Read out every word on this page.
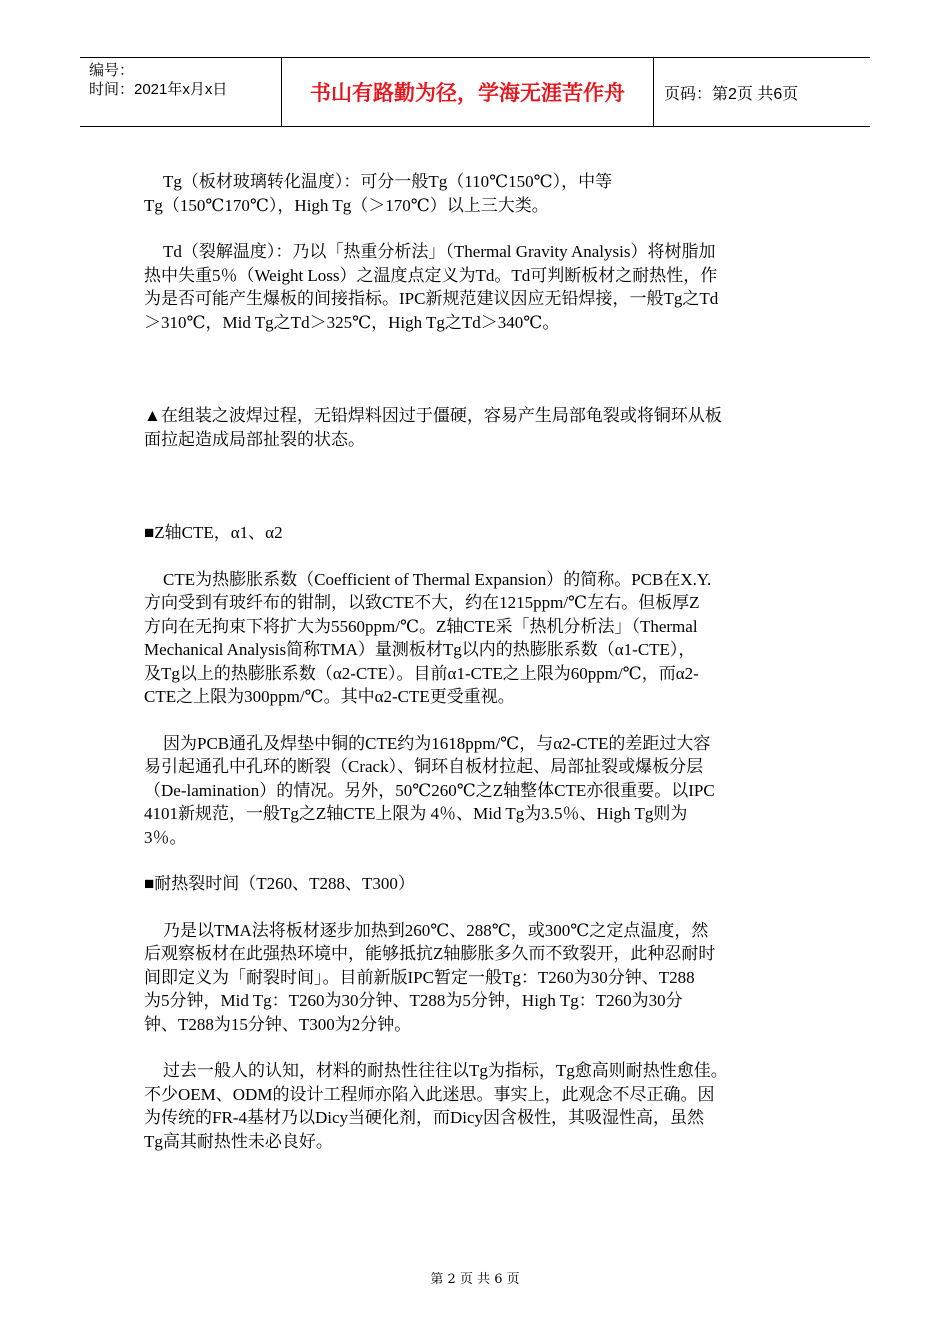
编号：
时间：2021年x月x日	书山有路勤为径，学海无涯苦作舟	页码：第2页 共6页

Tg（板材玻璃转化温度）：可分一般Tg（110℃150℃），中等

Tg（150℃170℃），High Tg（＞170℃）以上三大类。

Td（裂解温度）：乃以「热重分析法」（Thermal Gravity Analysis）将树脂加

热中失重5％（Weight Loss）之温度点定义为Td。Td可判断板材之耐热性，作

为是否可能产生爆板的间接指标。IPC新规范建议因应无铅焊接，一般Tg之Td

＞310℃，Mid Tg之Td＞325℃，High Tg之Td＞340℃。

▲在组装之波焊过程，无铅焊料因过于僵硬，容易产生局部龟裂或将铜环从板

面拉起造成局部扯裂的状态。

■Z轴CTE，α1、α2

CTE为热膨胀系数（Coefficient of Thermal Expansion）的简称。PCB在X.Y.

方向受到有玻纤布的钳制，以致CTE不大，约在1215ppm/℃左右。但板厚Z

方向在无拘束下将扩大为5560ppm/℃。Z轴CTE采「热机分析法」（Thermal

Mechanical Analysis简称TMA）量测板材Tg以内的热膨胀系数（α1-CTE），

及Tg以上的热膨胀系数（α2-CTE）。目前α1-CTE之上限为60ppm/℃，而α2-

CTE之上限为300ppm/℃。其中α2-CTE更受重视。

因为PCB通孔及焊垫中铜的CTE约为1618ppm/℃，与α2-CTE的差距过大容

易引起通孔中孔环的断裂（Crack）、铜环自板材拉起、局部扯裂或爆板分层

（De-lamination）的情况。另外，50℃260℃之Z轴整体CTE亦很重要。以IPC

4101新规范，一般Tg之Z轴CTE上限为 4％、Mid Tg为3.5％、High Tg则为

3％。

■耐热裂时间（T260、T288、T300）

乃是以TMA法将板材逐步加热到260℃、288℃，或300℃之定点温度，然

后观察板材在此强热环境中，能够抵抗Z轴膨胀多久而不致裂开，此种忍耐时

间即定义为「耐裂时间」。目前新版IPC暂定一般Tg：T260为30分钟、T288

为5分钟，Mid Tg：T260为30分钟、T288为5分钟，High Tg：T260为30分

钟、T288为15分钟、T300为2分钟。

过去一般人的认知，材料的耐热性往往以Tg为指标，Tg愈高则耐热性愈佳。

不少OEM、ODM的设计工程师亦陷入此迷思。事实上，此观念不尽正确。因

为传统的FR-4基材乃以Dicy当硬化剂，而Dicy因含极性，其吸湿性高，虽然

Tg高其耐热性未必良好。

第 2 页 共 6 页
